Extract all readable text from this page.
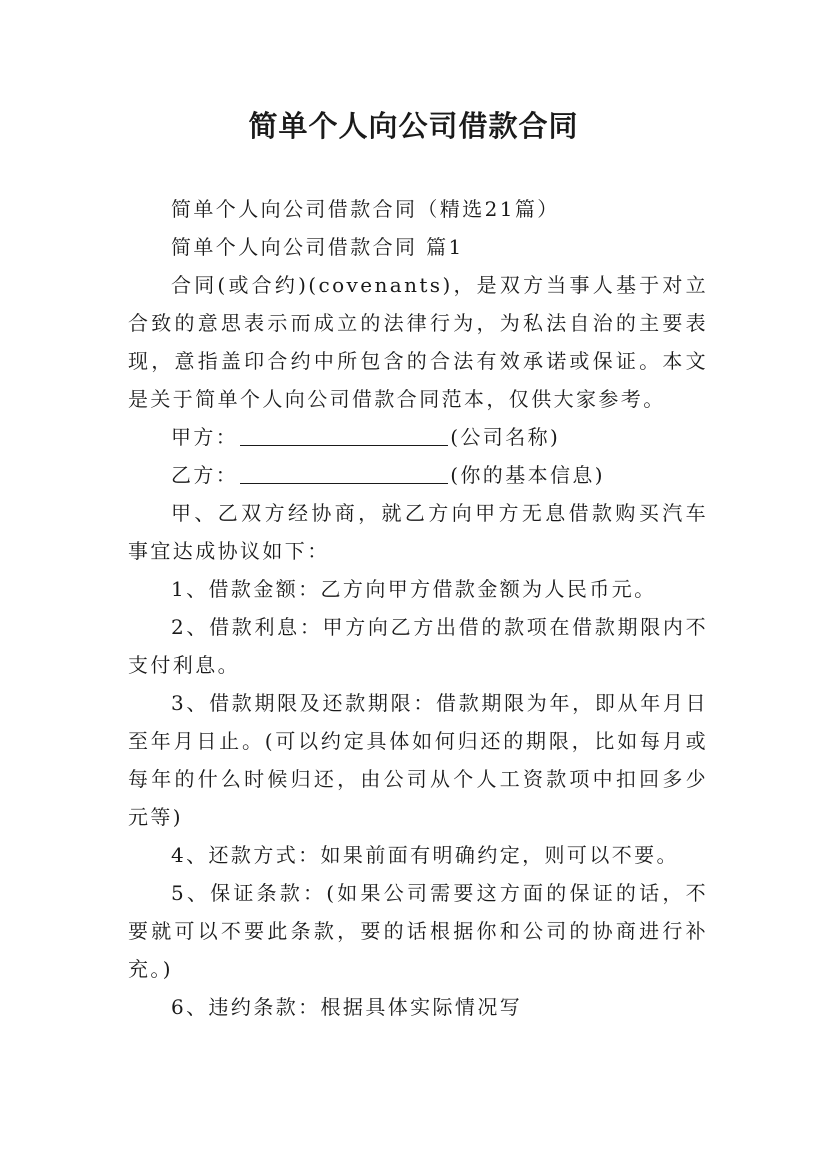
简单个人向公司借款合同

简单个人向公司借款合同（精选21篇）

简单个人向公司借款合同 篇1

合同(或合约)(covenants)，是双方当事人基于对立合致的意思表示而成立的法律行为，为私法自治的主要表现，意指盖印合约中所包含的合法有效承诺或保证。本文是关于简单个人向公司借款合同范本，仅供大家参考。

甲方：	(公司名称)

乙方：	(你的基本信息)

甲、乙双方经协商，就乙方向甲方无息借款购买汽车事宜达成协议如下：

1、借款金额：乙方向甲方借款金额为人民币元。

2、借款利息：甲方向乙方出借的款项在借款期限内不支付利息。

3、借款期限及还款期限：借款期限为年，即从年月日至年月日止。(可以约定具体如何归还的期限，比如每月或每年的什么时候归还，由公司从个人工资款项中扣回多少元等)

4、还款方式：如果前面有明确约定，则可以不要。

5、保证条款：(如果公司需要这方面的保证的话，不要就可以不要此条款，要的话根据你和公司的协商进行补充。)

6、违约条款：根据具体实际情况写
